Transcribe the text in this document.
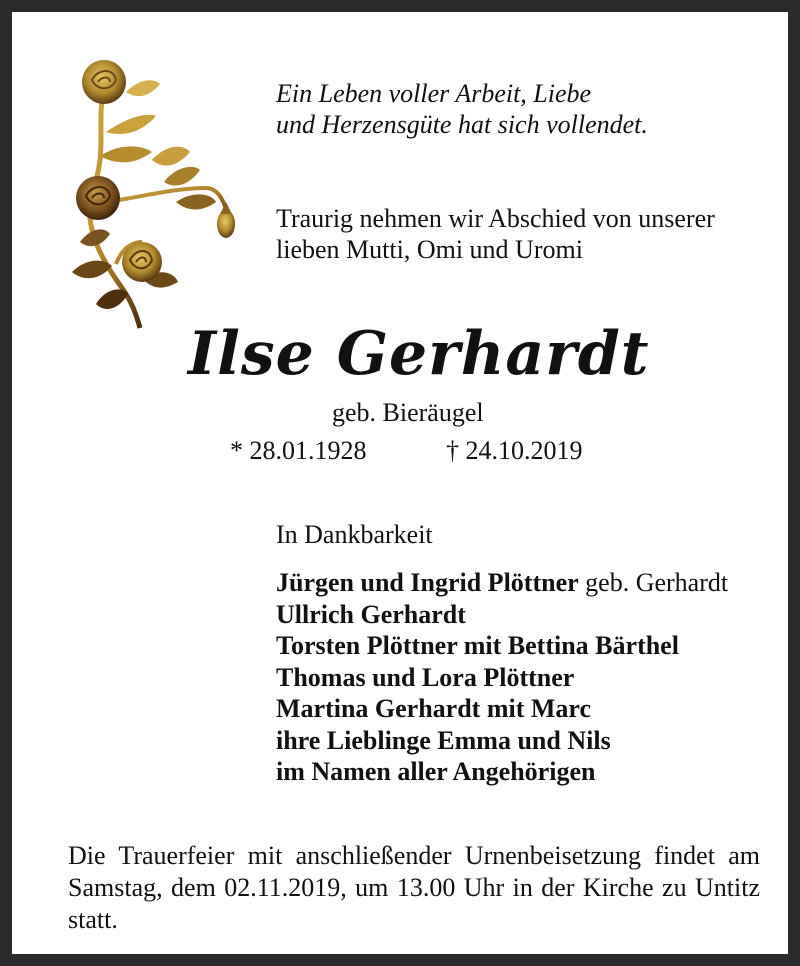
Ein Leben voller Arbeit, Liebe
und Herzensgüte hat sich vollendet.
Traurig nehmen wir Abschied von unserer
lieben Mutti, Omi und Uromi
Ilse Gerhardt
geb. Bieräugel
* 28.01.1928	† 24.10.2019
In Dankbarkeit
Jürgen und Ingrid Plöttner geb. Gerhardt
Ullrich Gerhardt
Torsten Plöttner mit Bettina Bärthel
Thomas und Lora Plöttner
Martina Gerhardt mit Marc
ihre Lieblinge Emma und Nils
im Namen aller Angehörigen
Die Trauerfeier mit anschließender Urnenbeisetzung findet am Samstag, dem 02.11.2019, um 13.00 Uhr in der Kirche zu Untitz statt.
